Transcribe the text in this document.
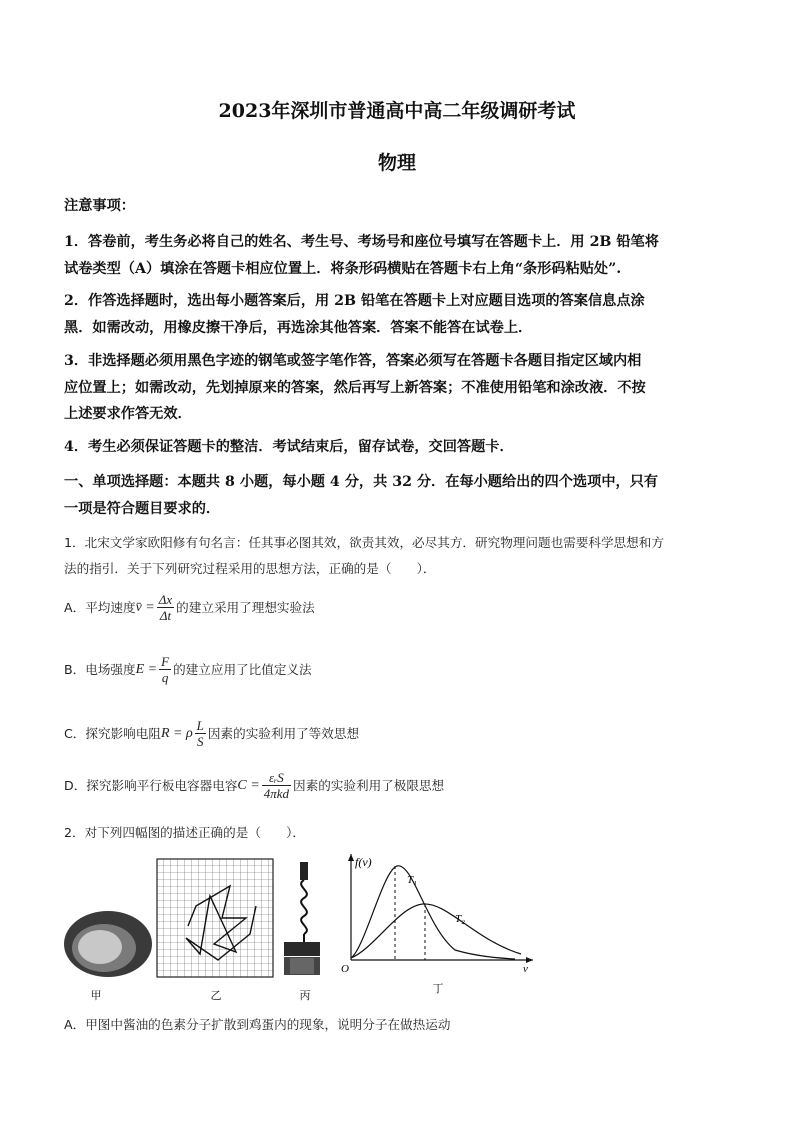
2023年深圳市普通高中高二年级调研考试
物理
注意事项：
1．答卷前，考生务必将自己的姓名、考生号、考场号和座位号填写在答题卡上．用 2B 铅笔将
试卷类型（A）填涂在答题卡相应位置上．将条形码横贴在答题卡右上角“条形码粘贴处”.
2．作答选择题时，选出每小题答案后，用 2B 铅笔在答题卡上对应题目选项的答案信息点涂
黑．如需改动，用橡皮擦干净后，再选涂其他答案．答案不能答在试卷上．
3．非选择题必须用黑色字迹的钢笔或签字笔作答，答案必须写在答题卡各题目指定区域内相
应位置上；如需改动，先划掉原来的答案，然后再写上新答案；不准使用铅笔和涂改液．不按
上述要求作答无效．
4．考生必须保证答题卡的整洁．考试结束后，留存试卷，交回答题卡．
一、单项选择题：本题共 8 小题，每小题 4 分，共 32 分．在每小题给出的四个选项中，只有
一项是符合题目要求的．
1．北宋文学家欧阳修有句名言：任其事必图其效，欲责其效，必尽其方．研究物理问题也需要科学思想和方
法的指引．关于下列研究过程采用的思想方法，正确的是（　　）．
A．平均速度 v̄ = $\frac{\Delta x}{\Delta t}$ 的建立采用了理想实验法
B．电场强度 $E = \frac{F}{q}$ 的建立应用了比值定义法
C．探究影响电阻 R = ρ $\frac{L}{S}$ 因素的实验利用了等效思想
D．探究影响平行板电容器电容 $C = \frac{\text{εᵣS}}{\text{4πkd}}$ 因素的实验利用了极限思想
2．对下列四幅图的描述正确的是（　　）．
甲	乙	丙
f(v)
v
O
T₁
T₂
丁
A．甲图中酱油的色素分子扩散到鸡蛋内的现象，说明分子在做热运动
